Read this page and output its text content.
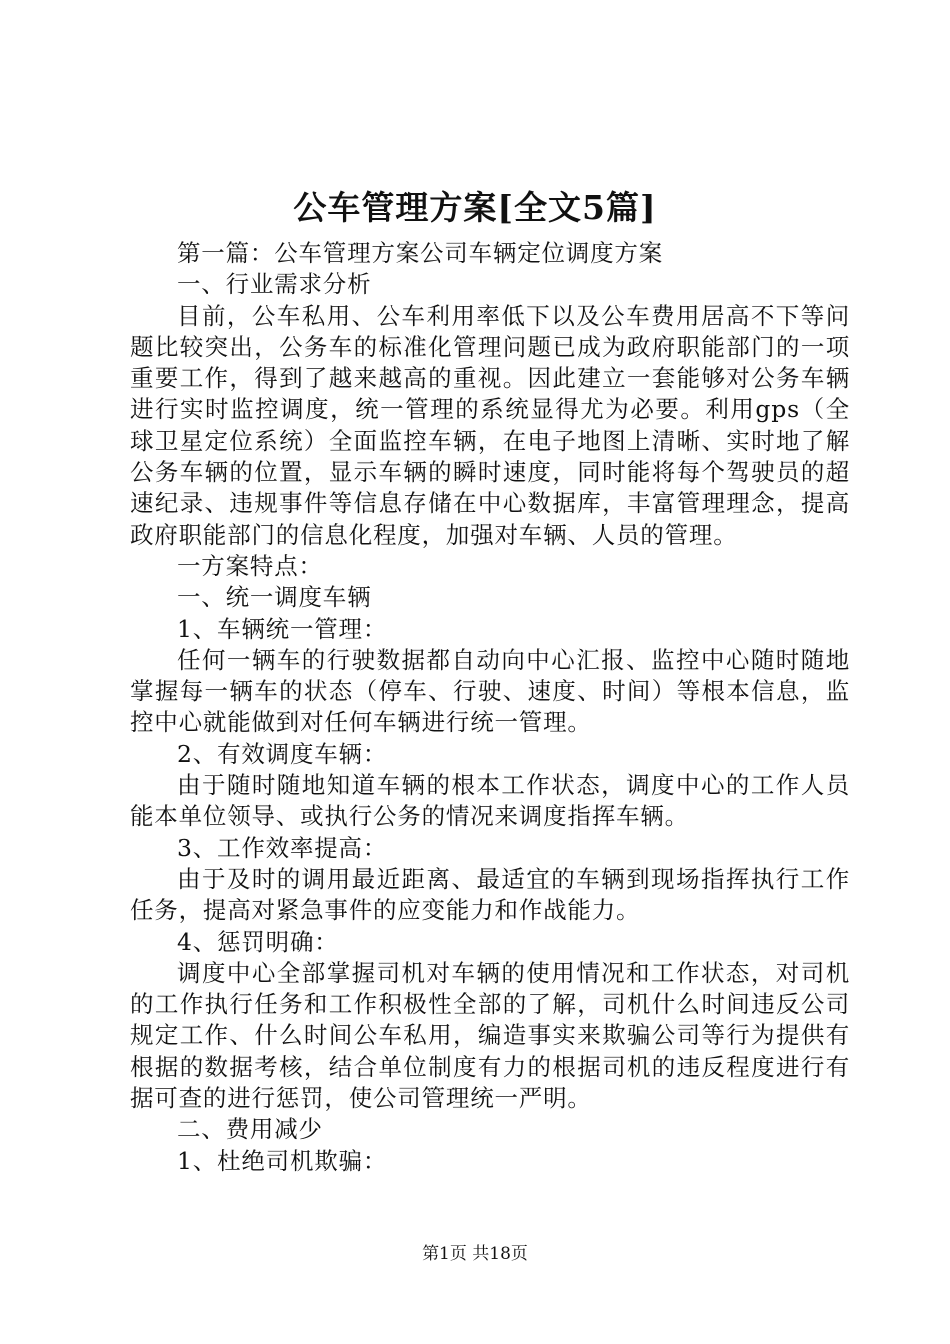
公车管理方案[全文5篇]

第一篇：公车管理方案公司车辆定位调度方案

一、行业需求分析

目前，公车私用、公车利用率低下以及公车费用居高不下等问题比较突出，公务车的标准化管理问题已成为政府职能部门的一项重要工作，得到了越来越高的重视。因此建立一套能够对公务车辆进行实时监控调度，统一管理的系统显得尤为必要。利用gps（全球卫星定位系统）全面监控车辆，在电子地图上清晰、实时地了解公务车辆的位置，显示车辆的瞬时速度，同时能将每个驾驶员的超速纪录、违规事件等信息存储在中心数据库，丰富管理理念，提高政府职能部门的信息化程度，加强对车辆、人员的管理。

一方案特点：

一、统一调度车辆

1、车辆统一管理：

任何一辆车的行驶数据都自动向中心汇报、监控中心随时随地掌握每一辆车的状态（停车、行驶、速度、时间）等根本信息，监控中心就能做到对任何车辆进行统一管理。

2、有效调度车辆：

由于随时随地知道车辆的根本工作状态，调度中心的工作人员能本单位领导、或执行公务的情况来调度指挥车辆。

3、工作效率提高：

由于及时的调用最近距离、最适宜的车辆到现场指挥执行工作任务，提高对紧急事件的应变能力和作战能力。

4、惩罚明确：

调度中心全部掌握司机对车辆的使用情况和工作状态，对司机的工作执行任务和工作积极性全部的了解，司机什么时间违反公司规定工作、什么时间公车私用，编造事实来欺骗公司等行为提供有根据的数据考核，结合单位制度有力的根据司机的违反程度进行有据可查的进行惩罚，使公司管理统一严明。

二、费用减少

1、杜绝司机欺骗：

第1页 共18页
